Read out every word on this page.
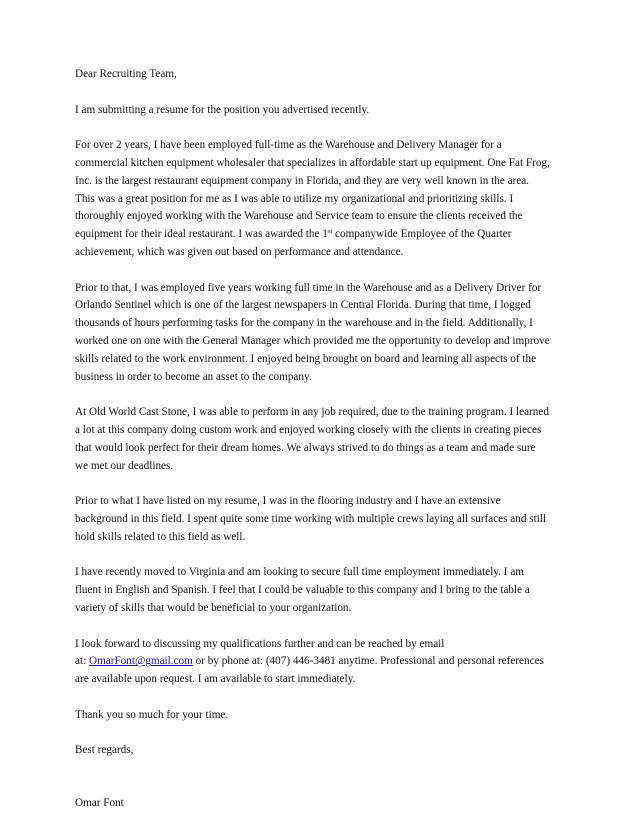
Dear Recruiting Team,

I am submitting a resume for the position you advertised recently.

For over 2 years, I have been employed full-time as the Warehouse and Delivery Manager for a
commercial kitchen equipment wholesaler that specializes in affordable start up equipment. One Fat Frog,
Inc. is the largest restaurant equipment company in Florida, and they are very well known in the area.
This was a great position for me as I was able to utilize my organizational and prioritizing skills. I
thoroughly enjoyed working with the Warehouse and Service team to ensure the clients received the
equipment for their ideal restaurant. I was awarded the 1st companywide Employee of the Quarter
achievement, which was given out based on performance and attendance.

Prior to that, I was employed five years working full time in the Warehouse and as a Delivery Driver for
Orlando Sentinel which is one of the largest newspapers in Central Florida. During that time, I logged
thousands of hours performing tasks for the company in the warehouse and in the field. Additionally, I
worked one on one with the General Manager which provided me the opportunity to develop and improve
skills related to the work environment. I enjoyed being brought on board and learning all aspects of the
business in order to become an asset to the company.

At Old World Cast Stone, I was able to perform in any job required, due to the training program. I learned
a lot at this company doing custom work and enjoyed working closely with the clients in creating pieces
that would look perfect for their dream homes. We always strived to do things as a team and made sure
we met our deadlines.

Prior to what I have listed on my resume, I was in the flooring industry and I have an extensive
background in this field. I spent quite some time working with multiple crews laying all surfaces and still
hold skills related to this field as well.

I have recently moved to Virginia and am looking to secure full time employment immediately. I am
fluent in English and Spanish. I feel that I could be valuable to this company and I bring to the table a
variety of skills that would be beneficial to your organization.

I look forward to discussing my qualifications further and can be reached by email
at: OmarFont@gmail.com or by phone at: (407) 446-3481 anytime. Professional and personal references
are available upon request. I am available to start immediately.

Thank you so much for your time.

Best regards,

Omar Font
